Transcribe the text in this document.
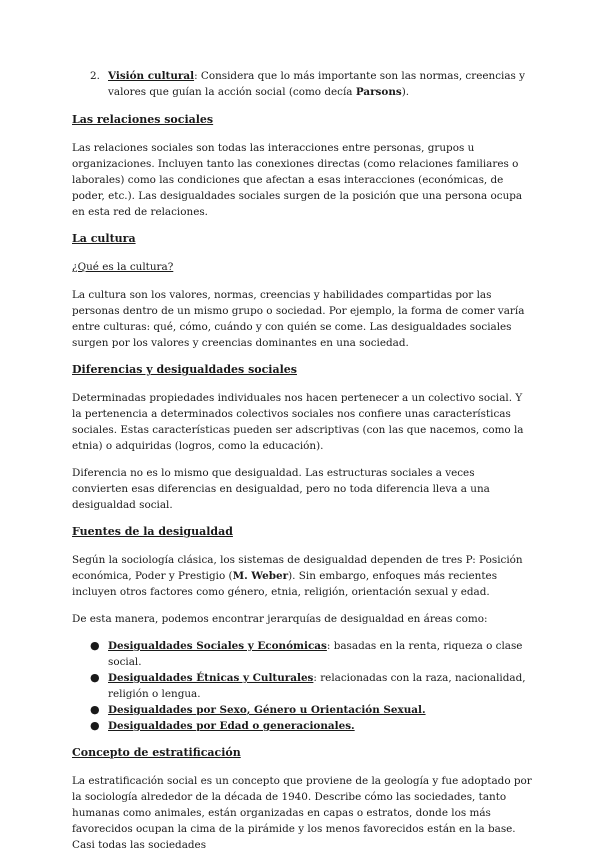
2. Visión cultural: Considera que lo más importante son las normas, creencias y valores que guían la acción social (como decía Parsons).
Las relaciones sociales

Las relaciones sociales son todas las interacciones entre personas, grupos u organizaciones. Incluyen tanto las conexiones directas (como relaciones familiares o laborales) como las condiciones que afectan a esas interacciones (económicas, de poder, etc.). Las desigualdades sociales surgen de la posición que una persona ocupa en esta red de relaciones.

La cultura
¿Qué es la cultura?

La cultura son los valores, normas, creencias y habilidades compartidas por las personas dentro de un mismo grupo o sociedad. Por ejemplo, la forma de comer varía entre culturas: qué, cómo, cuándo y con quién se come. Las desigualdades sociales surgen por los valores y creencias dominantes en una sociedad.

Diferencias y desigualdades sociales

Determinadas propiedades individuales nos hacen pertenecer a un colectivo social. Y la pertenencia a determinados colectivos sociales nos confiere unas características sociales. Estas características pueden ser adscriptivas (con las que nacemos, como la etnia) o adquiridas (logros, como la educación).

Diferencia no es lo mismo que desigualdad. Las estructuras sociales a veces convierten esas diferencias en desigualdad, pero no toda diferencia lleva a una desigualdad social.

Fuentes de la desigualdad

Según la sociología clásica, los sistemas de desigualdad dependen de tres P: Posición económica, Poder y Prestigio (M. Weber). Sin embargo, enfoques más recientes incluyen otros factores como género, etnia, religión, orientación sexual y edad.

De esta manera, podemos encontrar jerarquías de desigualdad en áreas como:

● Desigualdades Sociales y Económicas: basadas en la renta, riqueza o clase social.
● Desigualdades Étnicas y Culturales: relacionadas con la raza, nacionalidad, religión o lengua.
● Desigualdades por Sexo, Género u Orientación Sexual.
● Desigualdades por Edad o generacionales.
Concepto de estratificación

La estratificación social es un concepto que proviene de la geología y fue adoptado por la sociología alrededor de la década de 1940. Describe cómo las sociedades, tanto humanas como animales, están organizadas en capas o estratos, donde los más favorecidos ocupan la cima de la pirámide y los menos favorecidos están en la base. Casi todas las sociedades
